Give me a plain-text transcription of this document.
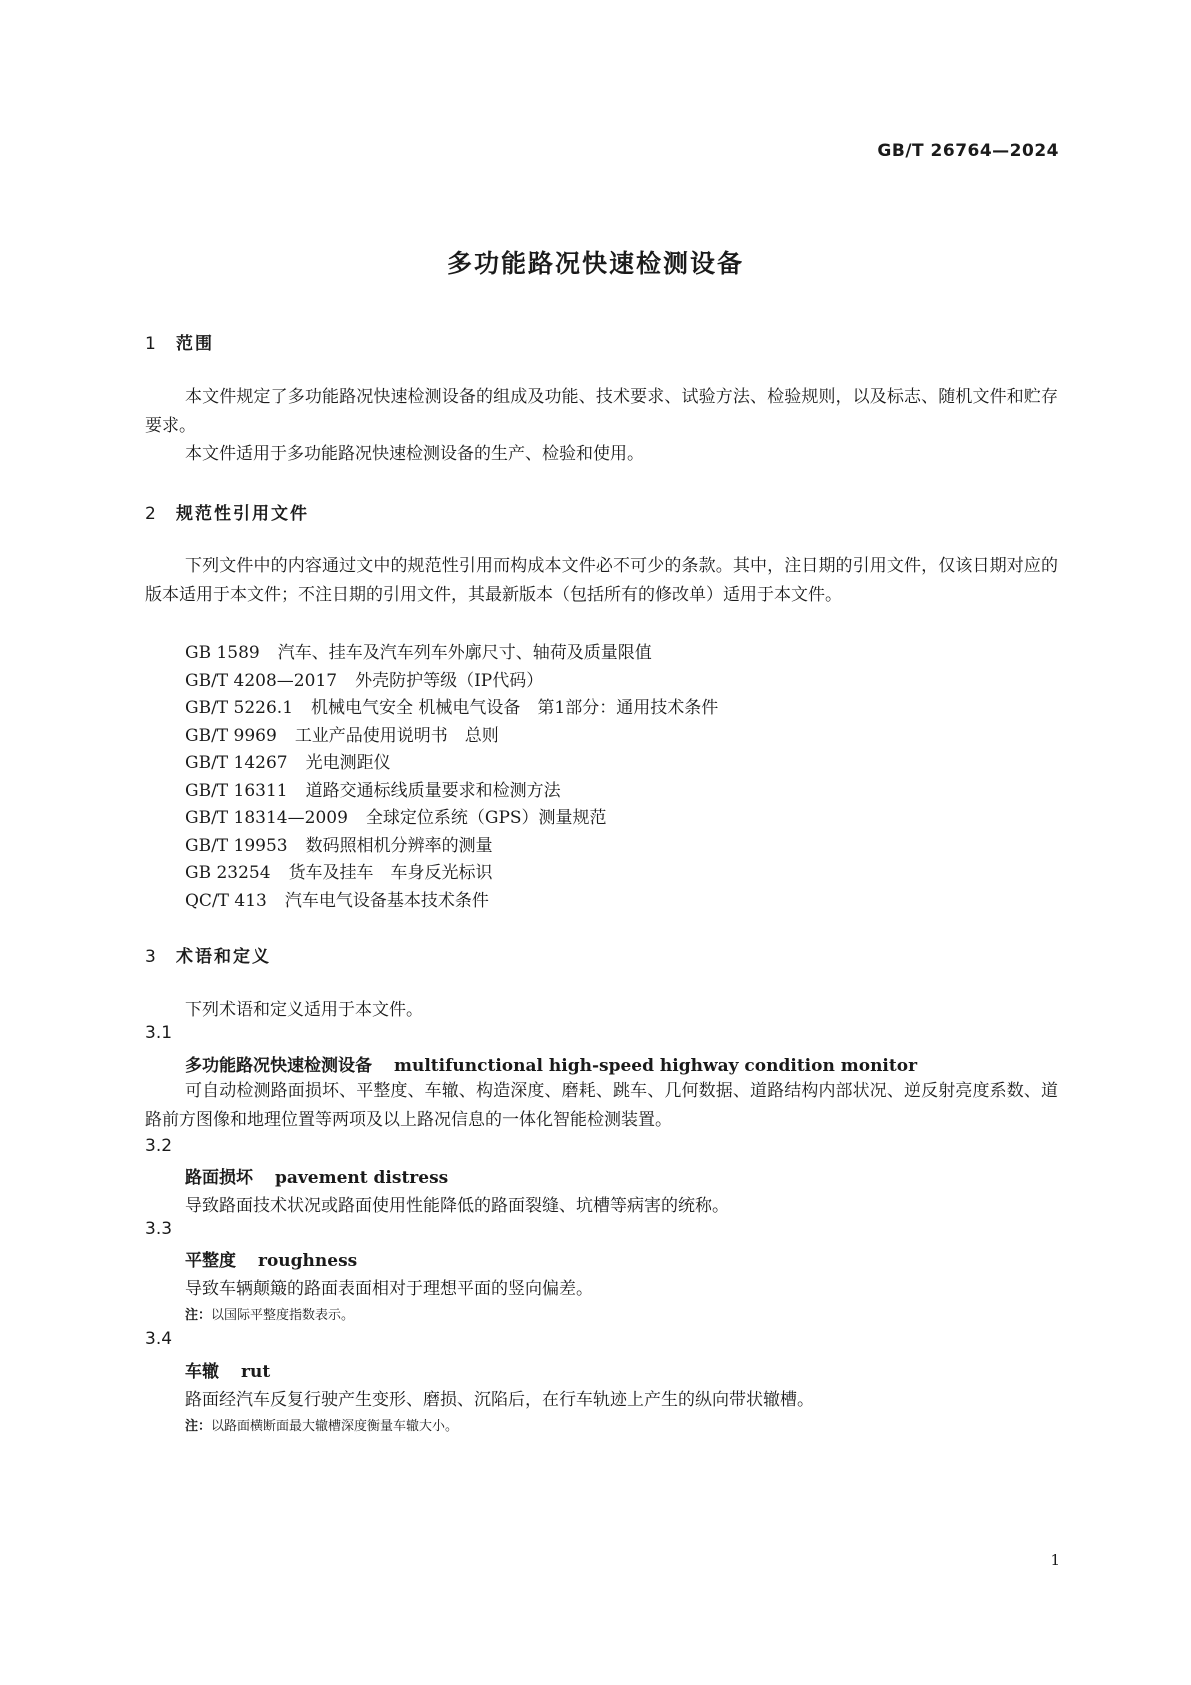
GB/T 26764—2024
多功能路况快速检测设备
1 范围
本文件规定了多功能路况快速检测设备的组成及功能、技术要求、试验方法、检验规则，以及标志、随机文件和贮存要求。
本文件适用于多功能路况快速检测设备的生产、检验和使用。
2 规范性引用文件
下列文件中的内容通过文中的规范性引用而构成本文件必不可少的条款。其中，注日期的引用文件，仅该日期对应的版本适用于本文件；不注日期的引用文件，其最新版本（包括所有的修改单）适用于本文件。
GB 1589 汽车、挂车及汽车列车外廓尺寸、轴荷及质量限值
GB/T 4208—2017 外壳防护等级（IP代码）
GB/T 5226.1 机械电气安全 机械电气设备　第1部分：通用技术条件
GB/T 9969 工业产品使用说明书　总则
GB/T 14267 光电测距仪
GB/T 16311 道路交通标线质量要求和检测方法
GB/T 18314—2009 全球定位系统（GPS）测量规范
GB/T 19953 数码照相机分辨率的测量
GB 23254 货车及挂车　车身反光标识
QC/T 413 汽车电气设备基本技术条件
3 术语和定义
下列术语和定义适用于本文件。
3.1
多功能路况快速检测设备 multifunctional high-speed highway condition monitor
可自动检测路面损坏、平整度、车辙、构造深度、磨耗、跳车、几何数据、道路结构内部状况、逆反射亮度系数、道路前方图像和地理位置等两项及以上路况信息的一体化智能检测装置。
3.2
路面损坏 pavement distress
导致路面技术状况或路面使用性能降低的路面裂缝、坑槽等病害的统称。
3.3
平整度 roughness
导致车辆颠簸的路面表面相对于理想平面的竖向偏差。
注：以国际平整度指数表示。
3.4
车辙 rut
路面经汽车反复行驶产生变形、磨损、沉陷后，在行车轨迹上产生的纵向带状辙槽。
注：以路面横断面最大辙槽深度衡量车辙大小。
1
